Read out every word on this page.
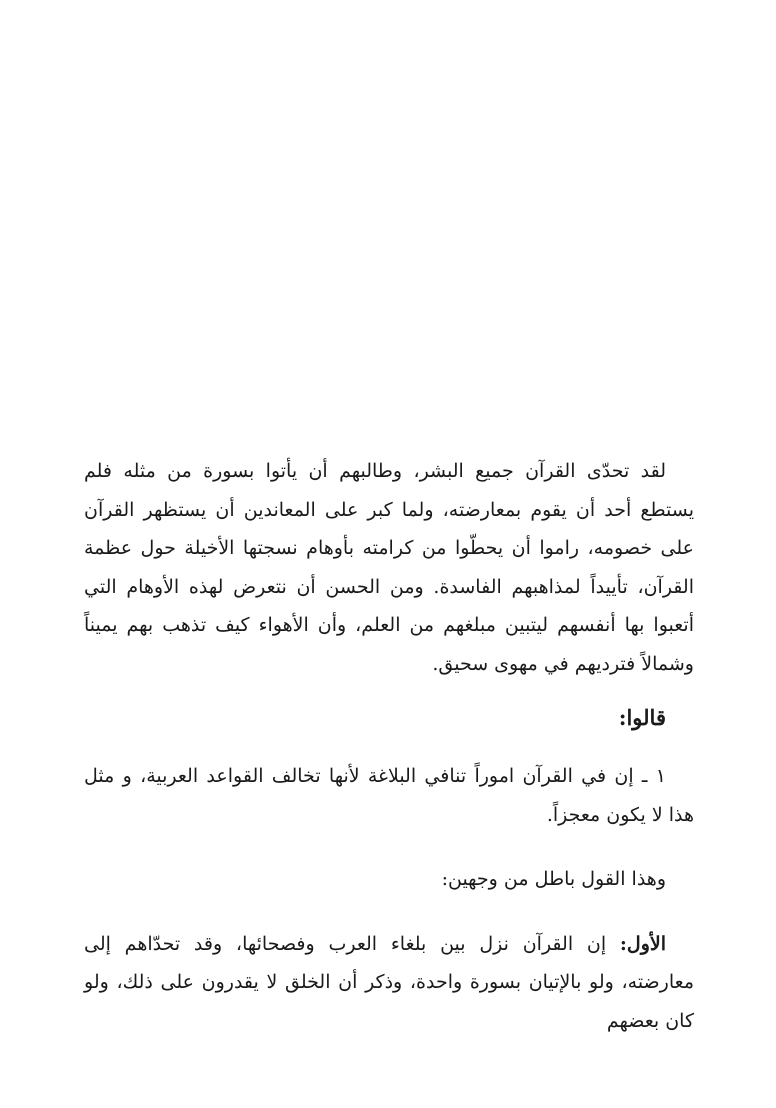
لقد تحدّى القرآن جميع البشر، وطالبهم أن يأتوا بسورة من مثله فلم يستطع أحد أن يقوم بمعارضته، ولما كبر على المعاندين أن يستظهر القرآن على خصومه، راموا أن يحطّوا من كرامته بأوهام نسجتها الأخيلة حول عظمة القرآن، تأييداً لمذاهبهم الفاسدة. ومن الحسن أن نتعرض لهذه الأوهام التي أتعبوا بها أنفسهم ليتبين مبلغهم من العلم، وأن الأهواء كيف تذهب بهم يميناً وشمالاً فترديهم في مهوى سحيق.

قالوا:

١ ـ إن في القرآن اموراً تنافي البلاغة لأنها تخالف القواعد العربية، و مثل هذا لا يكون معجزاً.

وهذا القول باطل من وجهين:

الأول: إن القرآن نزل بين بلغاء العرب وفصحائها، وقد تحدّاهم إلى معارضته، ولو بالإتيان بسورة واحدة، وذكر أن الخلق لا يقدرون على ذلك، ولو كان بعضهم
